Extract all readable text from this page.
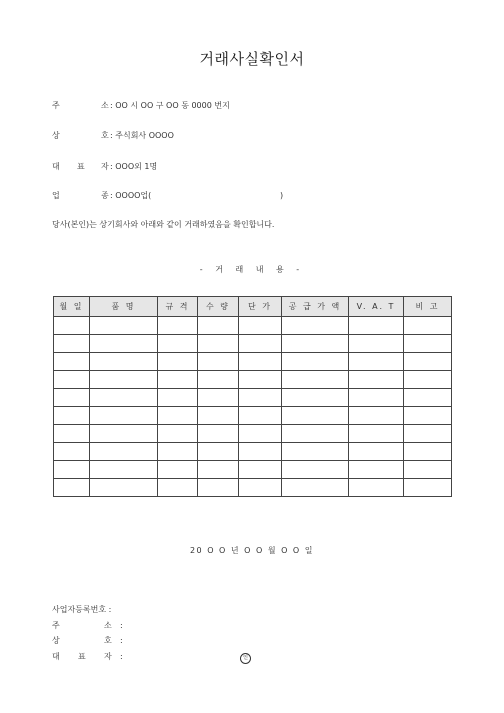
거래사실확인서
주	소 : OO 시 OO 구 OO 동 0000 번지
상	호 : 주식회사 OOOO
대 표 자 : OOO외 1명
업	종 : OOOO업(	)
당사(본인)는 상기회사와 아래와 같이 거래하였음을 확인합니다.
- 거 래 내 용 -
월 일	품 명	규 격	수 량	단 가	공 급 가 액	V. A. T	비 고

20 O O 년 O O 월 O O 일
사업자등록번호 :
주	소 :
상	호 :
대 표 자 :	인
